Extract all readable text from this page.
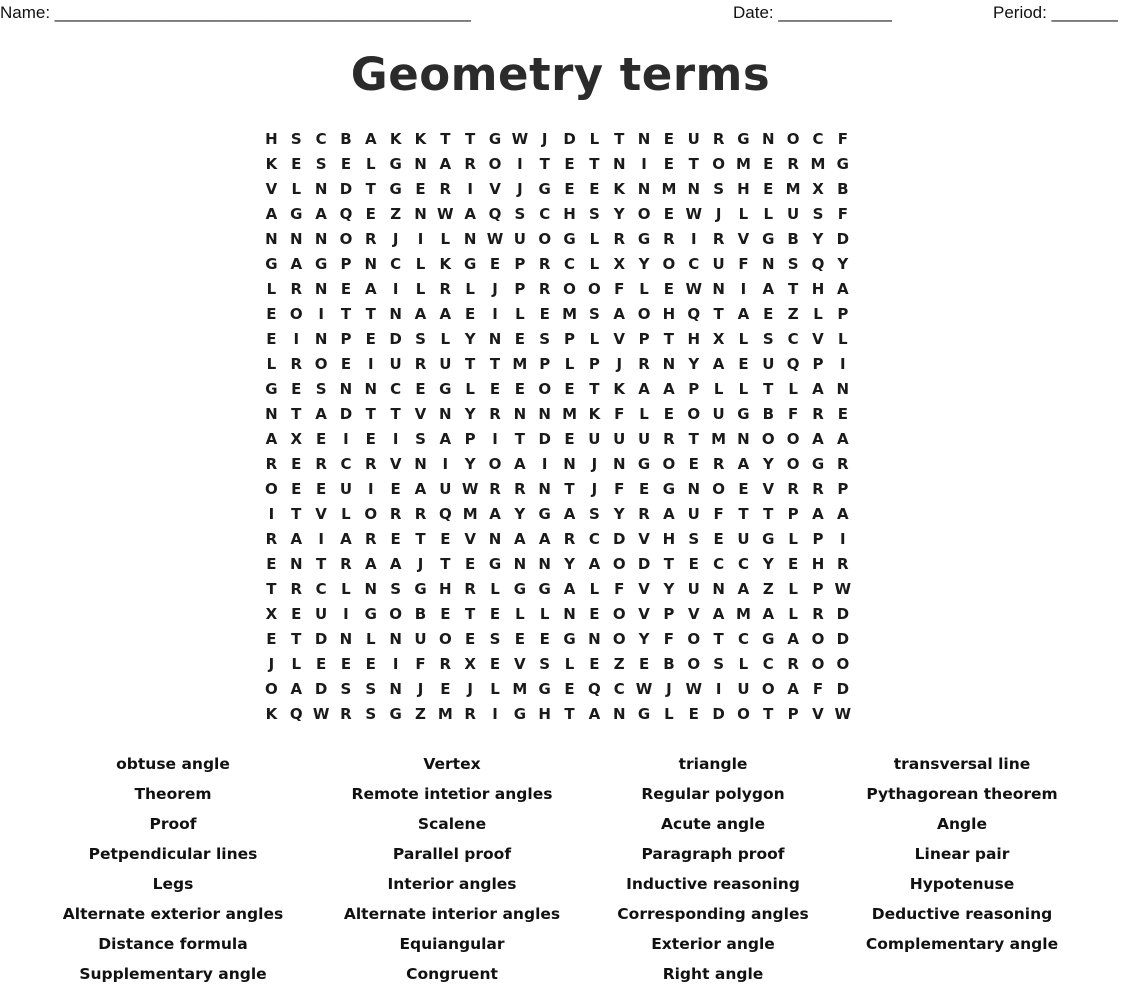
Name: ____________________________________________	Date: ____________	Period: _______
Geometry terms
H S C B A K K T T G W J	D L T N E U R G N O C F
K E S E L G N A R O	I	T E T N	I	E T O M E R M G
V L N D T G E R	I	V	J	G E E K N M N S H E M X B
A G A Q E Z N W A Q S C H S Y O E W J	L	L U S F
N N N O R	J	I	L N W U O G L R G R	I	R V G B Y D
G A G P N C L K G E P R C L X Y O C U F N S Q Y
L R N E A	I	L R L	J	P R O O F L E W N	I	A T H A
E O	I	T T N A A E	I	L E M S A O H Q T A E Z L P
E	I	N P E D S L Y N E S P L V P T H X L S C V L
L R O E	I	U R U T T M P L P	J	R N Y A E U Q P	I
G E S N N C E G L E E O E T K A A P L	L T L A N
N T A D T T V N Y R N N M K F L E O U G B F R E
A X E	I	E	I	S A P	I	T D E U U U R T M N O O A A
R E R C R V N	I	Y O A	I	N	J	N G O E R A Y O G R
O E E U	I	E A U W R R N T	J	F E G N O E V R R P
I	T V L O R R Q M A Y G A S Y R A U F T T P A A
R A	I	A R E T E V N A A R C D V H S E U G L P	I
E N T R A A	J	T E G N N Y A O D T E C C Y E H R
T R C L N S G H R L G G A L F V Y U N A Z L P W
X E U	I	G O B E T E L	L N E O V P V A M A L R D
E T D N L N U O E S E E G N O Y F O T C G A O D
J	L E E E	I	F R X E V S L E Z E B O S L C R O O
O A D S S N	J	E	J	L M G E Q C W J W I	U O A F D
K Q W R S G Z M R	I	G H T A N G L E D O T P V W
obtuse angle
Theorem
Proof
Petpendicular lines
Legs
Alternate exterior angles
Distance formula
Supplementary angle
Vertex
Remote intetior angles
Scalene
Parallel proof
Interior angles
Alternate interior angles
Equiangular
Congruent
triangle
Regular polygon
Acute angle
Paragraph proof
Inductive reasoning
Corresponding angles
Exterior angle
Right angle
transversal line
Pythagorean theorem
Angle
Linear pair
Hypotenuse
Deductive reasoning
Complementary angle
